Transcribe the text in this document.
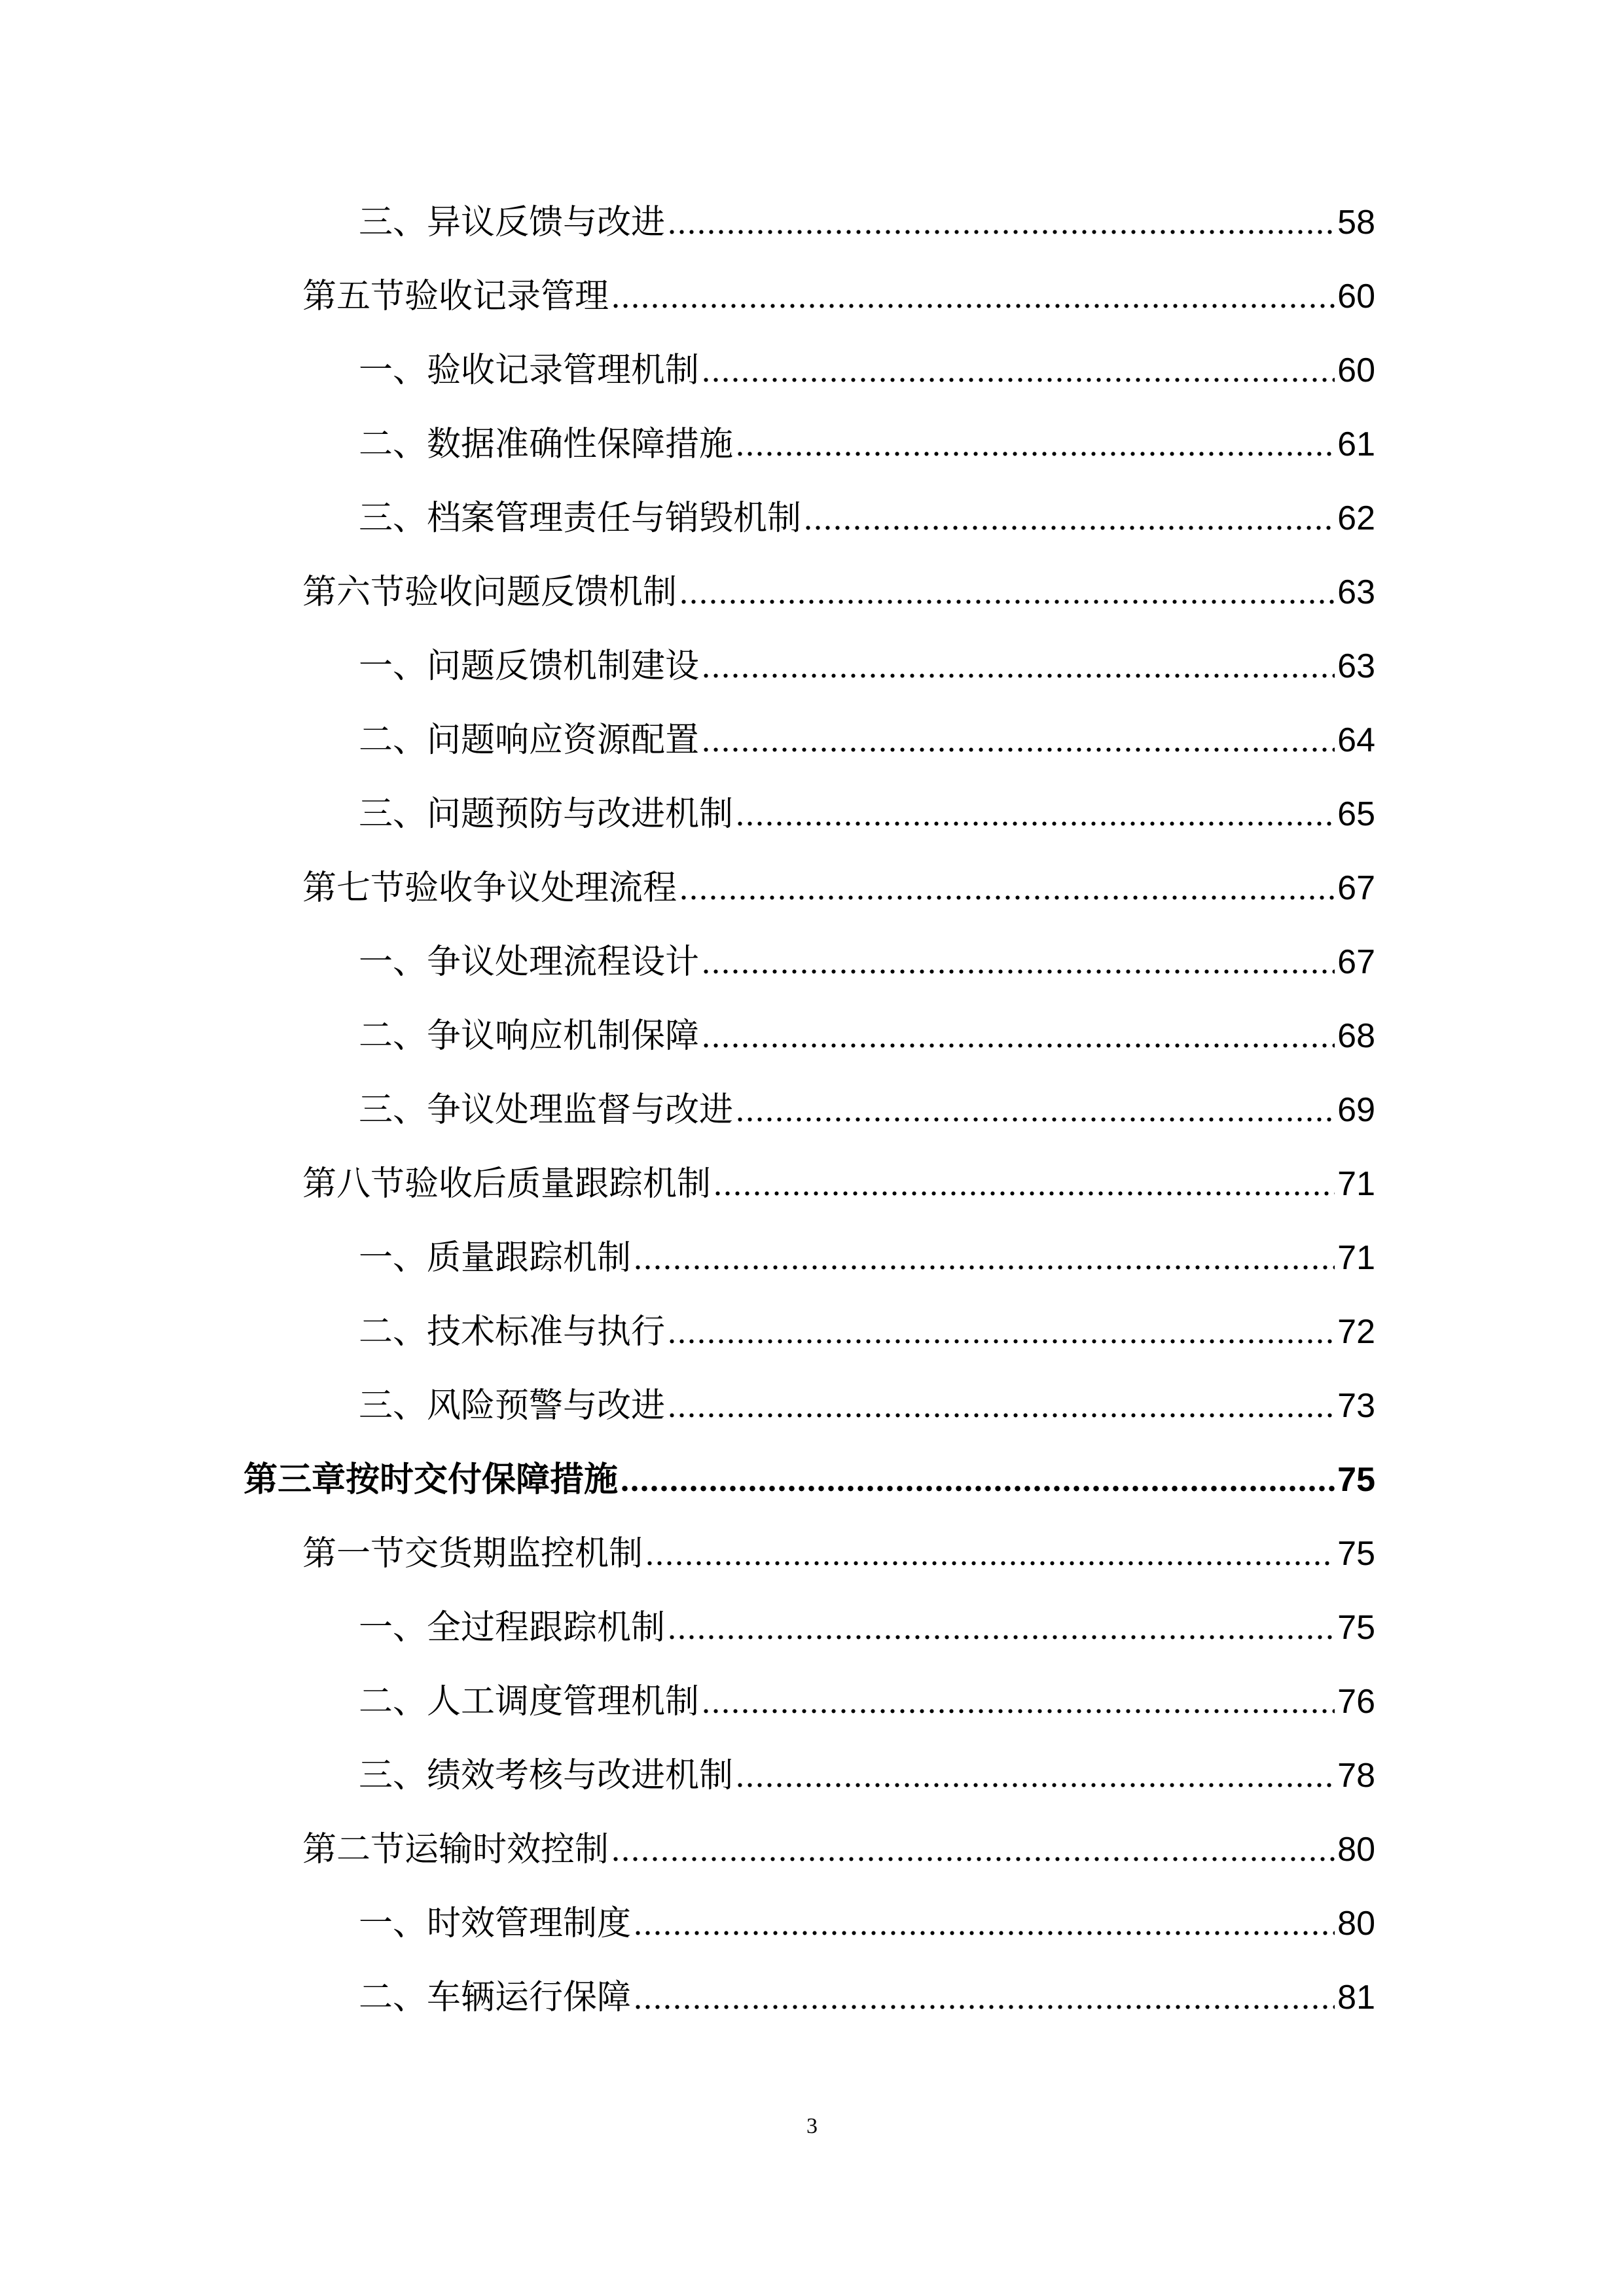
三、 异议反馈与改进 .....	58
第五节 验收记录管理 .....	60
一、 验收记录管理机制 .....	60
二、 数据准确性保障措施 .....	61
三、 档案管理责任与销毁机制 .....	62
第六节 验收问题反馈机制 .....	63
一、 问题反馈机制建设 .....	63
二、 问题响应资源配置 .....	64
三、 问题预防与改进机制 .....	65
第七节 验收争议处理流程 .....	67
一、 争议处理流程设计 .....	67
二、 争议响应机制保障 .....	68
三、 争议处理监督与改进 .....	69
第八节 验收后质量跟踪机制 .....	71
一、 质量跟踪机制 .....	71
二、 技术标准与执行 .....	72
三、 风险预警与改进 .....	73
第三章 按时交付保障措施 .....	75
第一节 交货期监控机制 .....	75
一、 全过程跟踪机制 .....	75
二、 人工调度管理机制 .....	76
三、 绩效考核与改进机制 .....	78
第二节 运输时效控制 .....	80
一、 时效管理制度 .....	80
二、 车辆运行保障 .....	81
3
